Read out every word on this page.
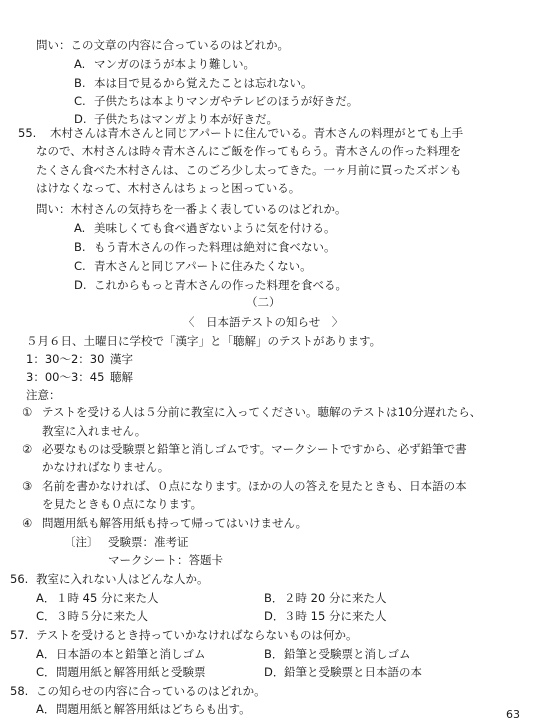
問い：この文章の内容に合っているのはどれか。
A. マンガのほうが本より難しい。
B. 本は目で見るから覚えたことは忘れない。
C. 子供たちは本よりマンガやテレビのほうが好きだ。
D. 子供たちはマンガより本が好きだ。
55. 木村さんは青木さんと同じアパートに住んでいる。青木さんの料理がとても上手
なので、木村さんは時々青木さんにご飯を作ってもらう。青木さんの作った料理を
たくさん食べた木村さんは、このごろ少し太ってきた。一ヶ月前に買ったズボンも
はけなくなって、木村さんはちょっと困っている。
問い：木村さんの気持ちを一番よく表しているのはどれか。
A. 美味しくても食べ過ぎないように気を付ける。
B. もう青木さんの作った料理は絶対に食べない。
C. 青木さんと同じアパートに住みたくない。
D. これからもっと青木さんの作った料理を食べる。
（二）
〈　日本語テストの知らせ　〉
５月６日、土曜日に学校で「漢字」と「聴解」のテストがあります。
1：30～2：30 漢字
3：00～3：45 聴解
注意：
① テストを受ける人は５分前に教室に入ってください。聴解のテストは10分遅れたら、
教室に入れません。
② 必要なものは受験票と鉛筆と消しゴムです。マークシートですから、必ず鉛筆で書
かなければなりません。
③ 名前を書かなければ、０点になります。ほかの人の答えを見たときも、日本語の本
を見たときも０点になります。
④ 問題用紙も解答用紙も持って帰ってはいけません。
〔注〕 受験票：准考证
マークシート：答题卡
56. 教室に入れない人はどんな人か。
A．１時 45 分に来た人	B．２時 20 分に来た人
C．３時５分に来た人	D．３時 15 分に来た人
57. テストを受けるとき持っていかなければならないものは何か。
A．日本語の本と鉛筆と消しゴム	B．鉛筆と受験票と消しゴム
C．問題用紙と解答用紙と受験票	D．鉛筆と受験票と日本語の本
58. この知らせの内容に合っているのはどれか。
A．問題用紙と解答用紙はどちらも出す。	63
